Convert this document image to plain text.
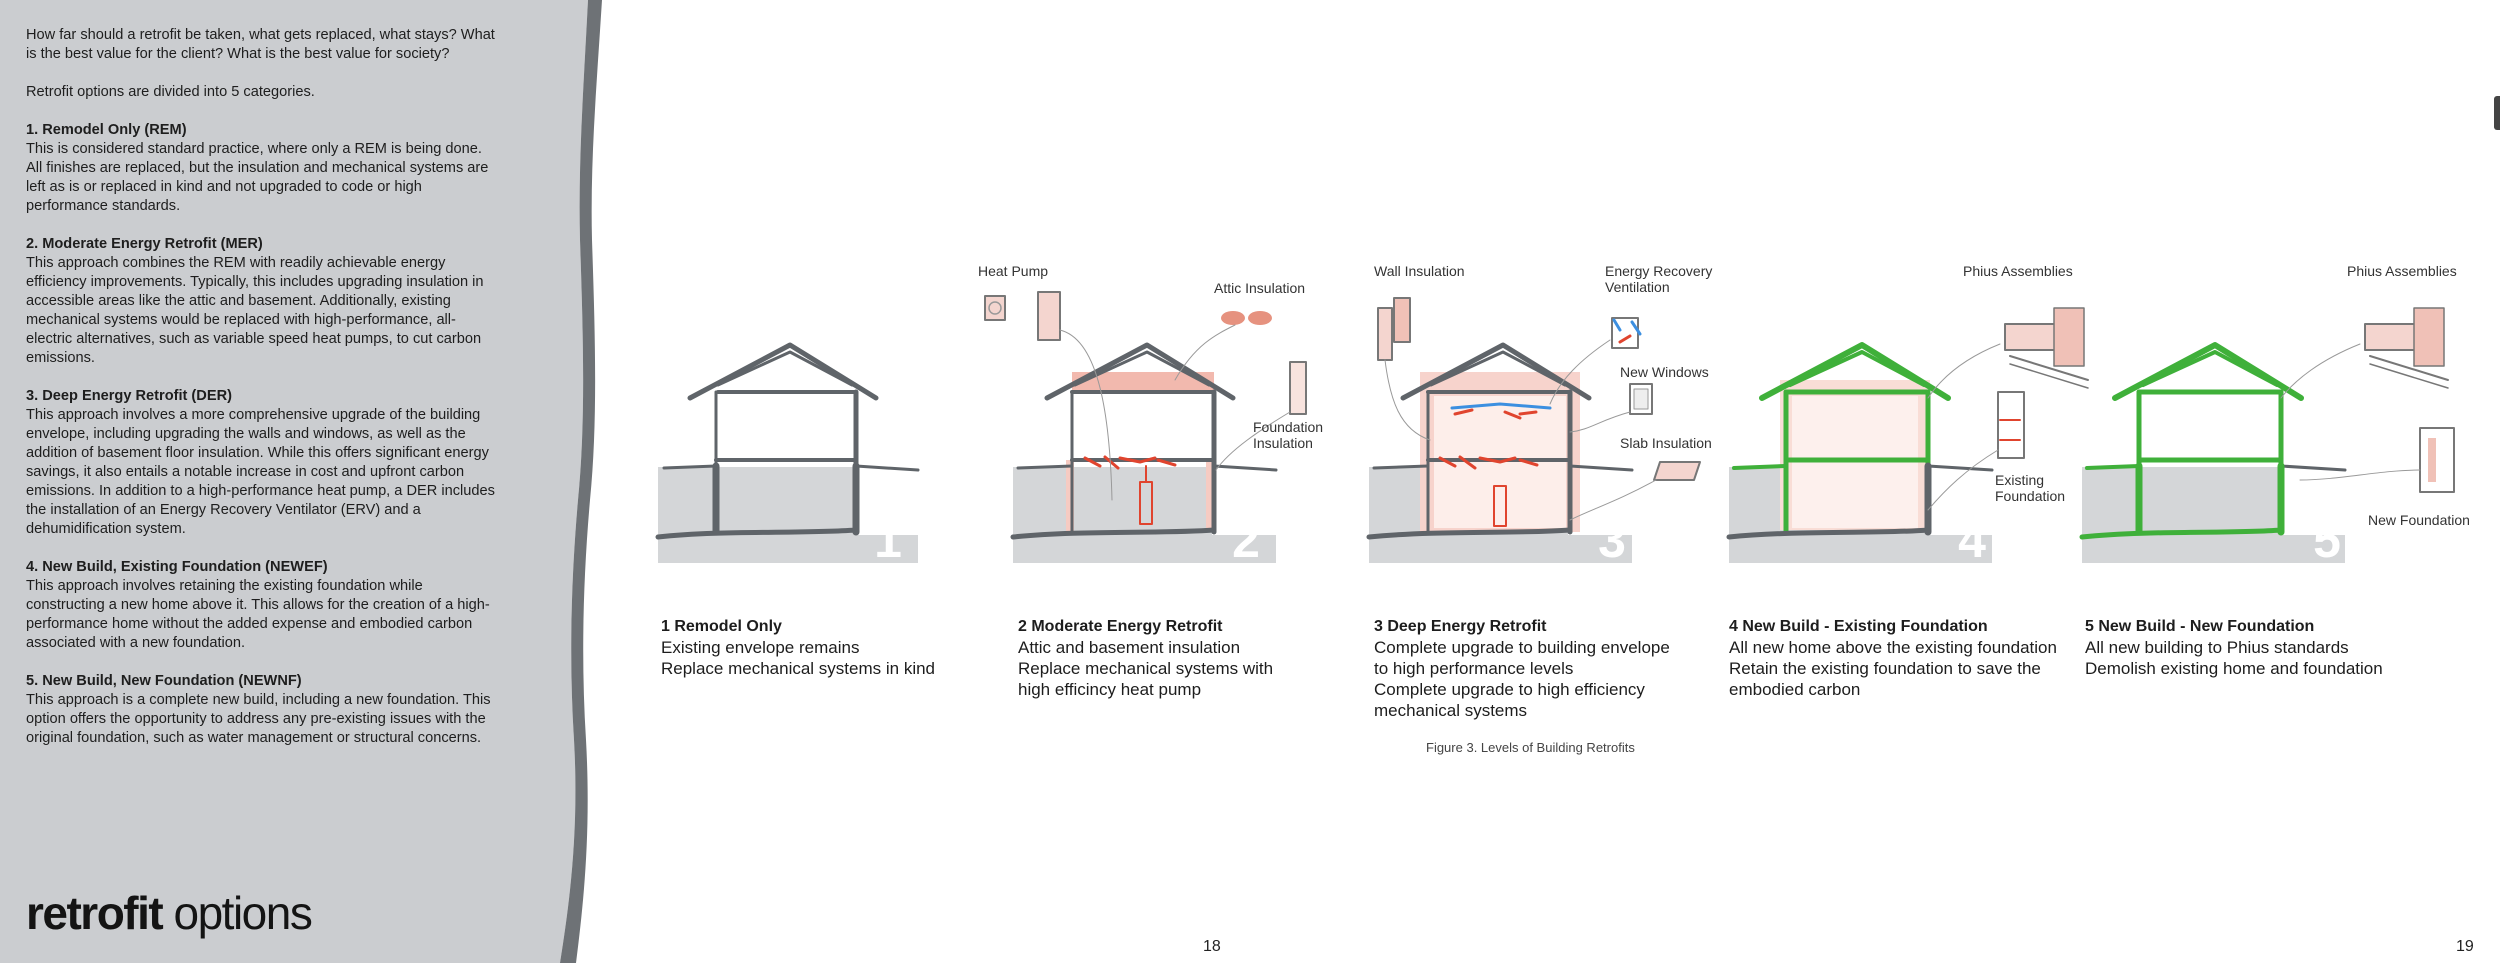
How far should a retrofit be taken, what gets replaced, what stays? What is the best value for the client? What is the best value for society?

Retrofit options are divided into 5 categories.

1. Remodel Only (REM)
This is considered standard practice, where only a REM is being done. All finishes are replaced, but the insulation and mechanical systems are left as is or replaced in kind and not upgraded to code or high performance standards.
2. Moderate Energy Retrofit (MER)
This approach combines the REM with readily achievable energy efficiency improvements. Typically, this includes upgrading insulation in accessible areas like the attic and basement. Additionally, existing mechanical systems would be replaced with high-performance, all-electric alternatives, such as variable speed heat pumps, to cut carbon emissions.
3. Deep Energy Retrofit (DER)
This approach involves a more comprehensive upgrade of the building envelope, including upgrading the walls and windows, as well as the addition of basement floor insulation. While this offers significant energy savings, it also entails a notable increase in cost and upfront carbon emissions. In addition to a high-performance heat pump, a DER includes the installation of an Energy Recovery Ventilator (ERV) and a dehumidification system.
4. New Build, Existing Foundation (NEWEF)
This approach involves retaining the existing foundation while constructing a new home above it. This allows for the creation of a high-performance home without the added expense and embodied carbon associated with a new foundation.
5. New Build, New Foundation (NEWNF)
This approach is a complete new build, including a new foundation. This option offers the opportunity to address any pre-existing issues with the original foundation, such as water management or structural concerns.
retrofit options
1	2
Heat Pump
Attic Insulation
Foundation
Insulation
3
Wall Insulation	Energy Recovery
Ventilation
New Windows
Slab Insulation
4
Phius Assemblies
Existing
Foundation
5
Phius Assemblies
New Foundation
1 Remodel Only
Existing envelope remains
Replace mechanical systems in kind
2 Moderate Energy Retrofit
Attic and basement insulation
Replace mechanical systems with
high efficincy heat pump
3 Deep Energy Retrofit
Complete upgrade to building envelope
to high performance levels
Complete upgrade to high efficiency
mechanical systems
4 New Build - Existing Foundation
All new home above the existing foundation
Retain the existing foundation to save the
embodied carbon
5 New Build - New Foundation
All new building to Phius standards
Demolish existing home and foundation
Figure 3. Levels of Building Retrofits
18	19
